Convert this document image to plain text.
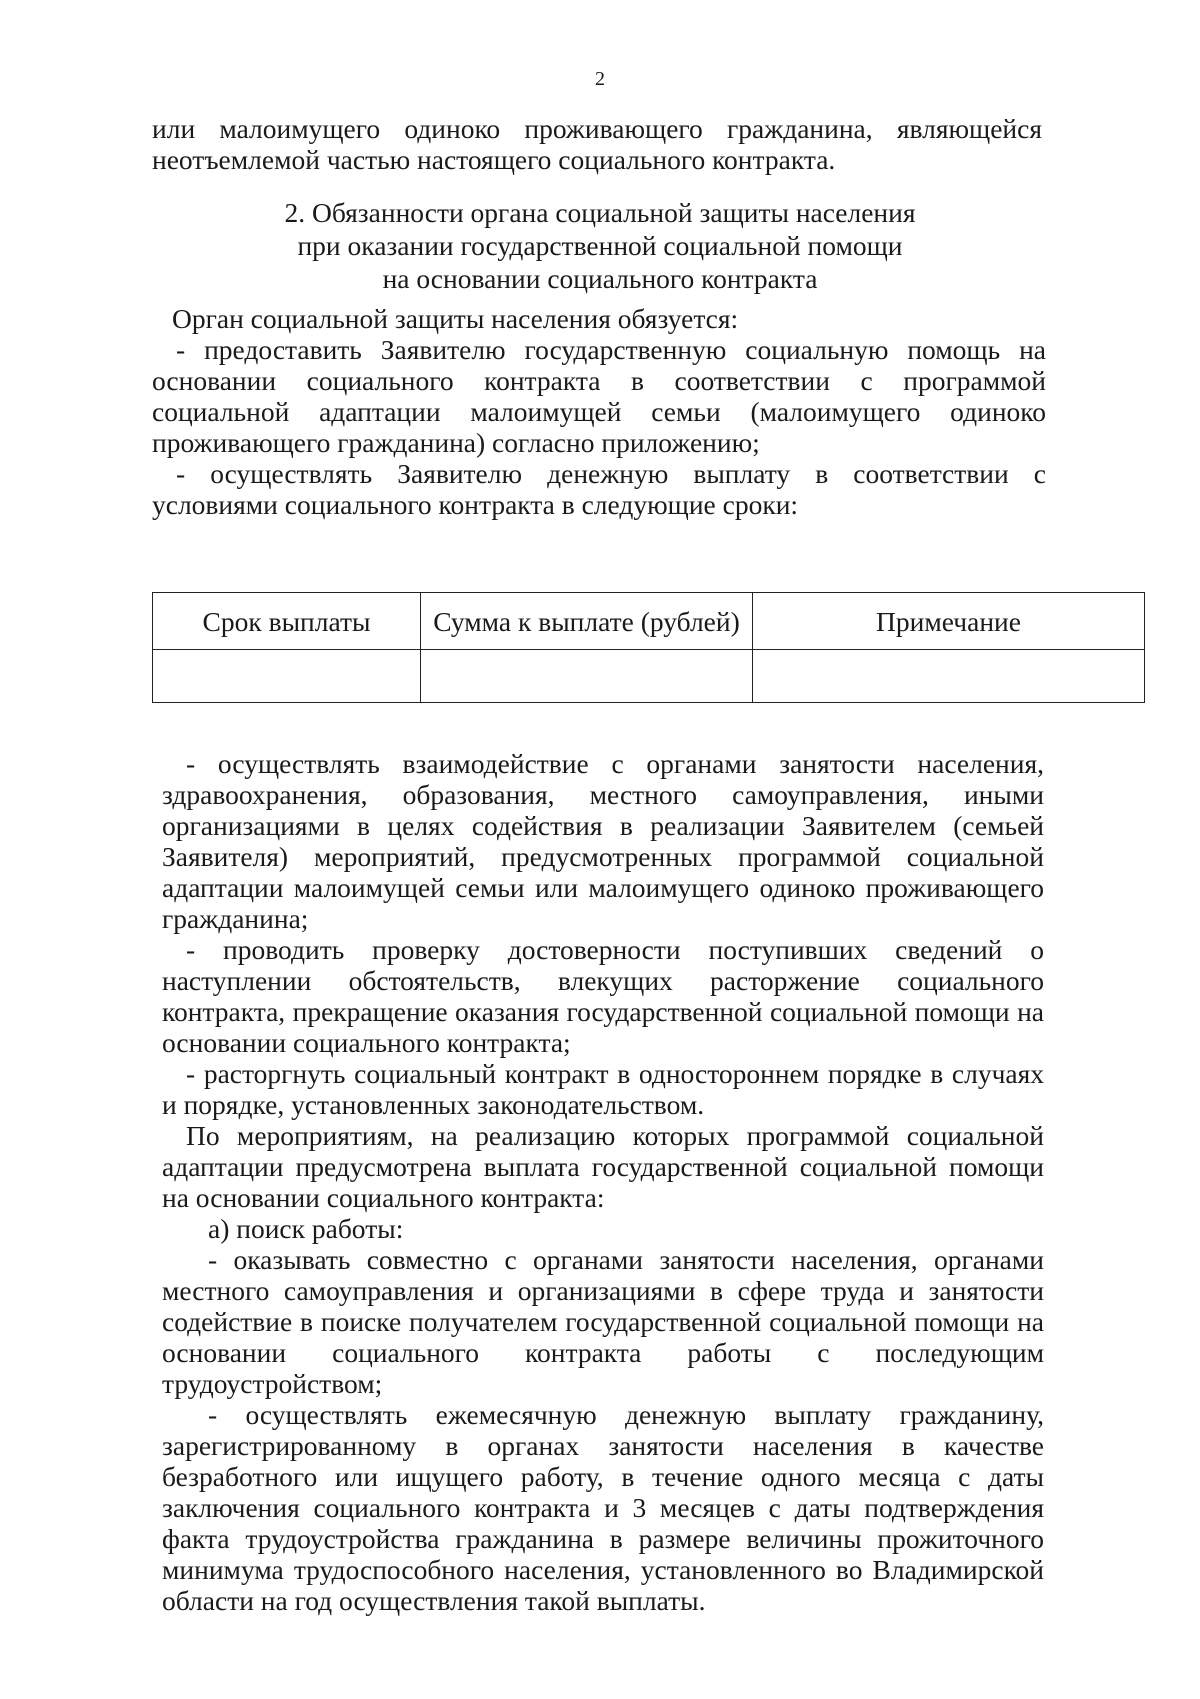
2

или малоимущего одиноко проживающего гражданина, являющейся

неотъемлемой частью настоящего социального контракта.

2. Обязанности органа социальной защиты населения
при оказании государственной социальной помощи
на основании социального контракта

Орган социальной защиты населения обязуется:

- предоставить Заявителю государственную социальную помощь на основании социального контракта в соответствии с программой социальной адаптации малоимущей семьи (малоимущего одиноко проживающего гражданина) согласно приложению;

- осуществлять Заявителю денежную выплату в соответствии с условиями социального контракта в следующие сроки:

Срок выплаты	Сумма к выплате (рублей)	Примечание

- осуществлять взаимодействие с органами занятости населения, здравоохранения, образования, местного самоуправления, иными организациями в целях содействия в реализации Заявителем (семьей Заявителя) мероприятий, предусмотренных программой социальной адаптации малоимущей семьи или малоимущего одиноко проживающего гражданина;

- проводить проверку достоверности поступивших сведений о наступлении обстоятельств, влекущих расторжение социального контракта, прекращение оказания государственной социальной помощи на основании социального контракта;

- расторгнуть социальный контракт в одностороннем порядке в случаях и порядке, установленных законодательством.

По мероприятиям, на реализацию которых программой социальной адаптации предусмотрена выплата государственной социальной помощи на основании социального контракта:

а) поиск работы:

- оказывать совместно с органами занятости населения, органами местного самоуправления и организациями в сфере труда и занятости содействие в поиске получателем государственной социальной помощи на основании социального контракта работы с последующим трудоустройством;

- осуществлять ежемесячную денежную выплату гражданину, зарегистрированному в органах занятости населения в качестве безработного или ищущего работу, в течение одного месяца с даты заключения социального контракта и 3 месяцев с даты подтверждения факта трудоустройства гражданина в размере величины прожиточного минимума трудоспособного населения, установленного во Владимирской области на год осуществления такой выплаты.
